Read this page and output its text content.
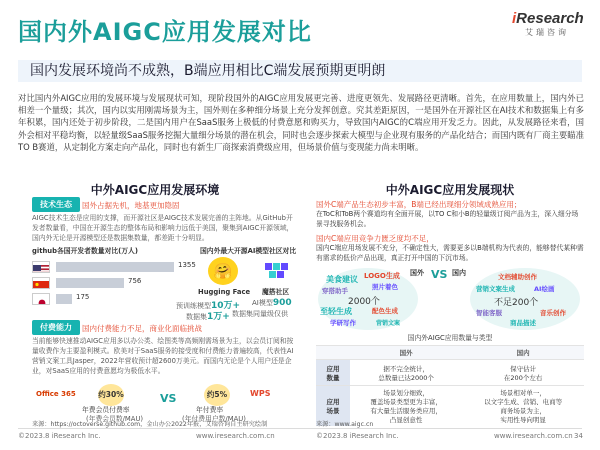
国内外AIGC应用发展对比	iResearch
艾瑞咨询
国内发展环境尚不成熟，B端应用相比C端发展预期更明朗
对比国内外AIGC应用的发展环境与发展现状可知，现阶段国外的AIGC应用发展更完善、进度更领先、发展路径更清晰。首先，在应用数量上，国内外已相差一个量级；其次，国内以实用刚需场景为主，国外则在多种细分场景上充分发挥创意。究其差距原因，一是国外在开源社区在AI技术和数据集上有多年积累，国内还处于初步阶段，二是国内用户在SaaS服务上极低的付费意愿和购买力，导致国内AIGC的C端应用开发乏力。因此，从发展路径来看，国外会相对平稳均衡，以轻量级SaaS服务挖掘大量细分场景的潜在机会，同时也会逐步探索大模型与企业现有服务的产品化结合；而国内既有厂商主要瞄准TO B赛道，从定制化方案走向产品化，同时也有新生厂商探索消费级应用，但场景价值与变现能力尚未明晰。
中外AIGC应用发展环境
技术生态	国外占据先机，地基更加隐固
AIGC技术生态是应用的支撑，而开源社区是AIGC技术发展完善的主阵地。从GitHub开发者数量看，中国在开源生态的整体布局和影响力远低于美国，聚集到AIGC开源领域，国内外无论是开源模型还是数据集数量，都差距十分明显。
github各国开发者数量对比(万人)	国内外最大开源AI模型社区对比
1355
756
175
🤗
Hugging Face 魔搭社区
预训练模型10万+ AI模型900
数据集1万+ 数据集同量级仅供
付费能力	国内付费能力不足，商业化面临挑战
当前能够快速推动AIGC应用多以办公类、绘图类等高频刚需场景为主，以会员订阅和按量收费作为主要盈利模式。欧美对于SaaS服务的接受度和付费能力普遍较高，代表性AI营销文案工具Jasper，2022年营收预计超2600万美元。而国内无论是个人用户还是企业，对SaaS应用的付费意愿均为极低水平。
Office 365	约30%
年费会员付费率
(年费会员数/MAU)
VS	约5%	WPS
年付费率
(年付费用户数/MAU)
来源：https://octoverse.github.com，金山办公2022年报，艾瑞咨询自主研究绘制
中外AIGC应用发展现状
国外C端产品生态初步丰富，B端已经出现细分领域成熟应用；
在ToC和ToB两个赛道均有全面开展，以TO C和小B的轻量级订阅产品为主，深入细分场景寻找服务机会。
国内C端应用竞争力匮乏度均不足，
国内C端应用场发展不充分，不确定性大，需要更多以B端机构为代表的，能够替代某种需有需求的低价产品出现，真正打开中国的下沉市场。
美食建议 LOGO生成
照片着色
穿搭助手
2000个
至轻生成	配色生成
学研写作	营销文案
国外 VS 国内	文档辅助创作
营销文案生成	AI绘画
不足200个
智能客服
商品描述
音乐创作
国内外AIGC应用数量与类型
	国外	国内
应用
数量	据不完全统计，
总数量已达2000个	保守估计
在200个左右
应用
场景	场景划分细致，
覆盖场景类型更为丰富，
有大量生活服务类应用，
凸显创意性	场景相对单一，
以文字生成、营销、电商等
商务场景为主，
实用性导向明显
来源：www.aigc.cn
©2023.8 iResearch Inc.	www.iresearch.com.cn	©2023.8 iResearch Inc.	www.iresearch.com.cn 34
